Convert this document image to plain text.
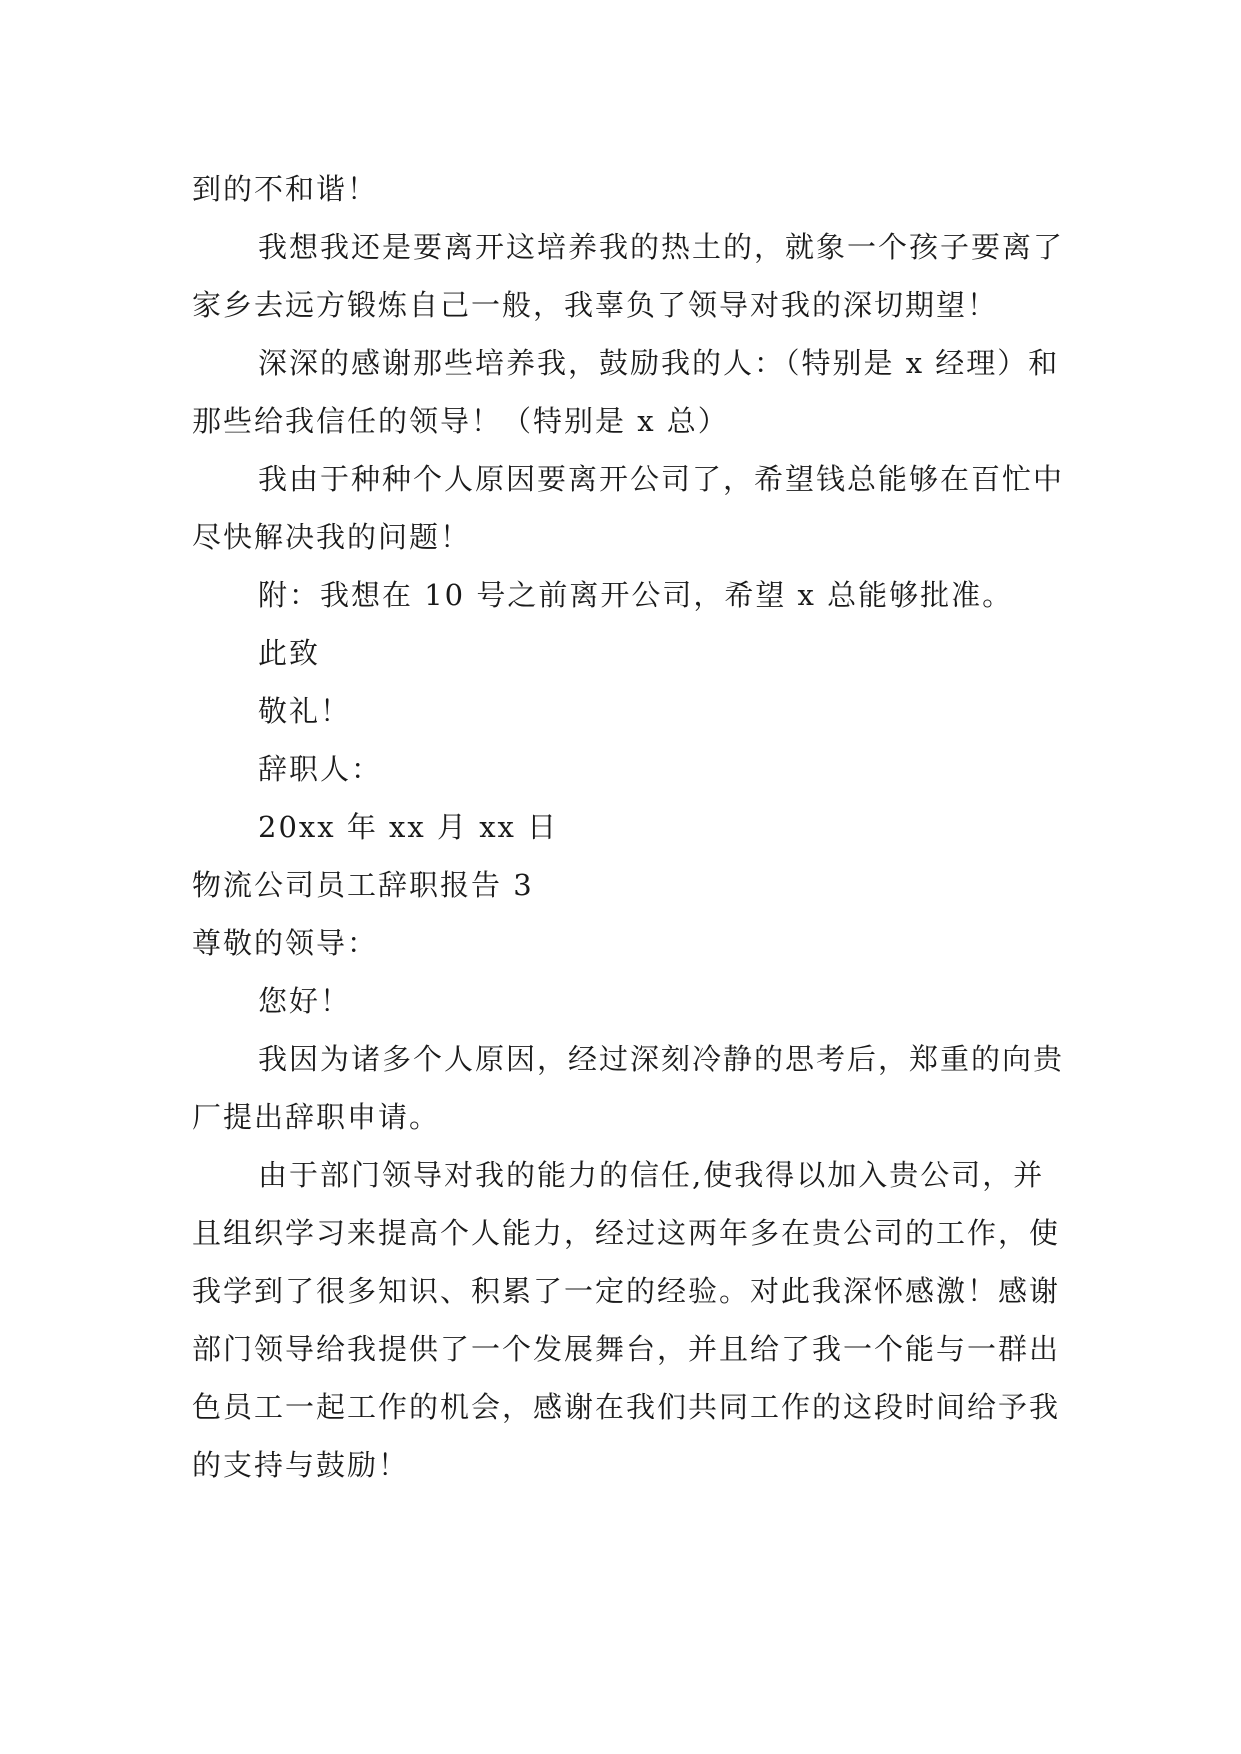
到的不和谐！

我想我还是要离开这培养我的热土的，就象一个孩子要离了家乡去远方锻炼自己一般，我辜负了领导对我的深切期望！

深深的感谢那些培养我，鼓励我的人：（特别是 x 经理）和那些给我信任的领导！（特别是 x 总）

我由于种种个人原因要离开公司了，希望钱总能够在百忙中尽快解决我的问题！

附：我想在 10 号之前离开公司，希望 x 总能够批准。

此致

敬礼！

辞职人：

20xx 年 xx 月 xx 日

物流公司员工辞职报告 3

尊敬的领导：

您好！

我因为诸多个人原因，经过深刻冷静的思考后，郑重的向贵厂提出辞职申请。

由于部门领导对我的能力的信任,使我得以加入贵公司，并且组织学习来提高个人能力，经过这两年多在贵公司的工作，使我学到了很多知识、积累了一定的经验。对此我深怀感激！感谢部门领导给我提供了一个发展舞台，并且给了我一个能与一群出色员工一起工作的机会，感谢在我们共同工作的这段时间给予我的支持与鼓励！
